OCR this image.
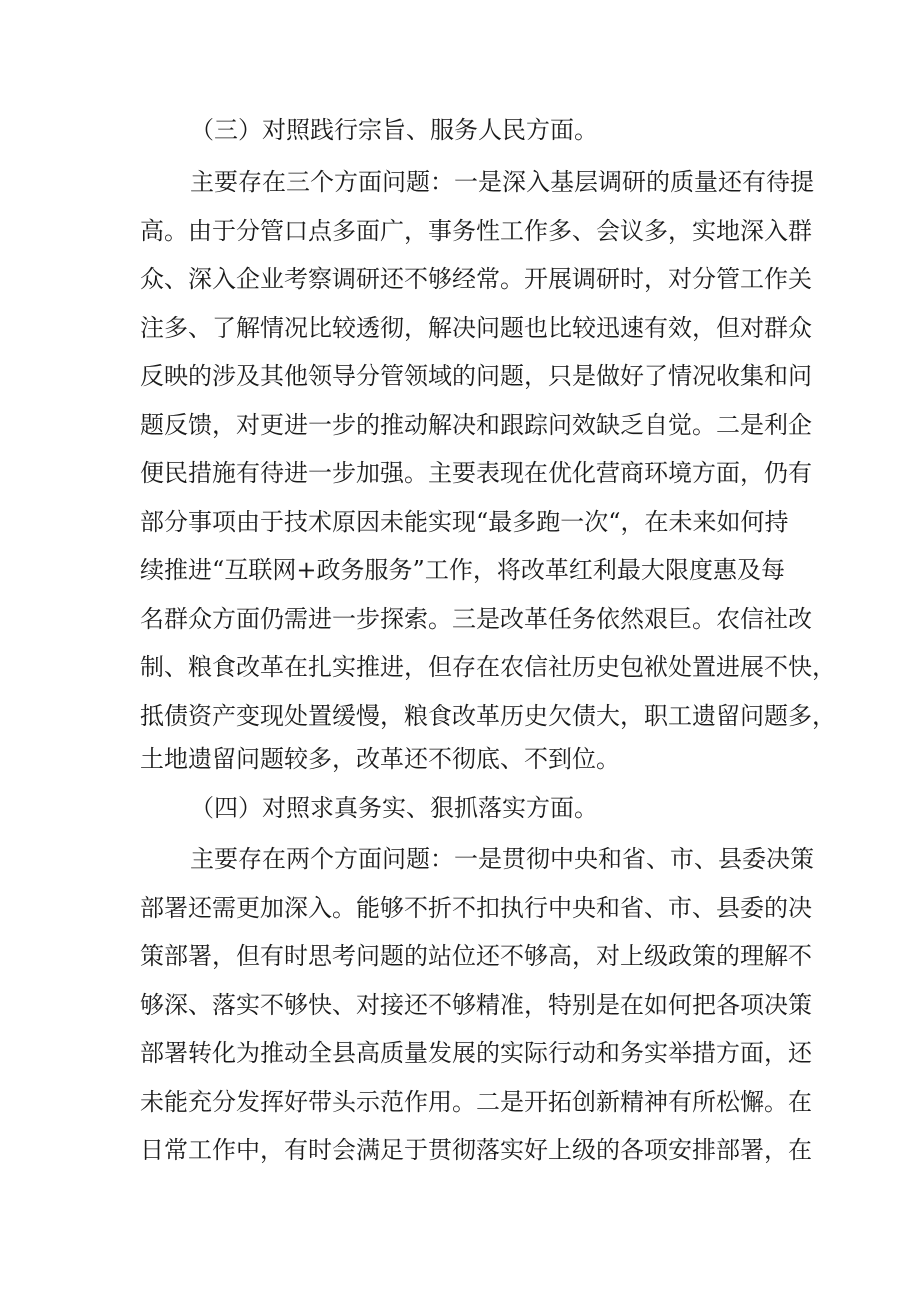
（三）对照践行宗旨、服务人民方面。
主要存在三个方面问题：一是深入基层调研的质量还有待提
高。由于分管口点多面广，事务性工作多、会议多，实地深入群
众、深入企业考察调研还不够经常。开展调研时，对分管工作关
注多、了解情况比较透彻，解决问题也比较迅速有效，但对群众
反映的涉及其他领导分管领域的问题，只是做好了情况收集和问
题反馈，对更进一步的推动解决和跟踪问效缺乏自觉。二是利企
便民措施有待进一步加强。主要表现在优化营商环境方面，仍有
部分事项由于技术原因未能实现“最多跑一次“，在未来如何持
续推进“互联网+政务服务”工作，将改革红利最大限度惠及每
名群众方面仍需进一步探索。三是改革任务依然艰巨。农信社改
制、粮食改革在扎实推进，但存在农信社历史包袱处置进展不快，
抵债资产变现处置缓慢，粮食改革历史欠债大，职工遗留问题多，
土地遗留问题较多，改革还不彻底、不到位。
（四）对照求真务实、狠抓落实方面。
主要存在两个方面问题：一是贯彻中央和省、市、县委决策
部署还需更加深入。能够不折不扣执行中央和省、市、县委的决
策部署，但有时思考问题的站位还不够高，对上级政策的理解不
够深、落实不够快、对接还不够精准，特别是在如何把各项决策
部署转化为推动全县高质量发展的实际行动和务实举措方面，还
未能充分发挥好带头示范作用。二是开拓创新精神有所松懈。在
日常工作中，有时会满足于贯彻落实好上级的各项安排部署，在
